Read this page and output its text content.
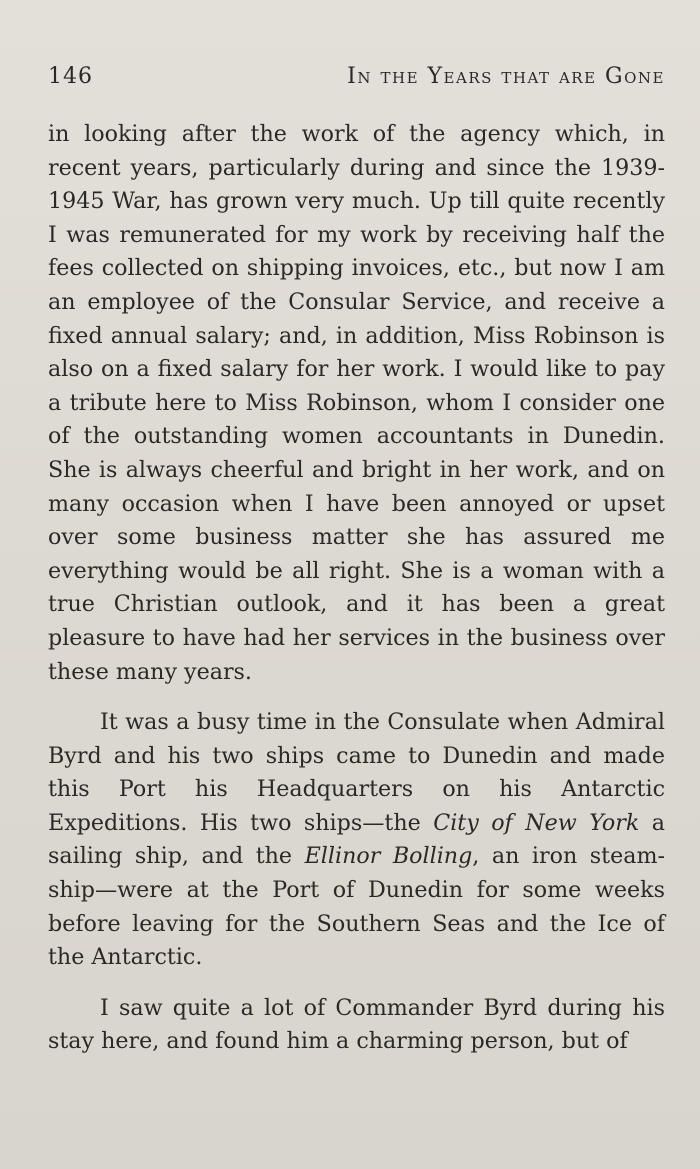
146	In the Years that are Gone

in looking after the work of the agency which, in recent years, particularly during and since the 1939-1945 War, has grown very much. Up till quite recently I was remunerated for my work by receiving half the fees collected on shipping invoices, etc., but now I am an employee of the Consular Service, and receive a fixed annual salary; and, in addition, Miss Robinson is also on a fixed salary for her work. I would like to pay a tribute here to Miss Robinson, whom I consider one of the outstanding women accountants in Dunedin. She is always cheerful and bright in her work, and on many occasion when I have been annoyed or upset over some business matter she has assured me everything would be all right. She is a woman with a true Christian outlook, and it has been a great pleasure to have had her services in the business over these many years.

It was a busy time in the Consulate when Admiral Byrd and his two ships came to Dunedin and made this Port his Headquarters on his Antarctic Expeditions. His two ships—the City of New York a sailing ship, and the Ellinor Bolling, an iron steam-ship—were at the Port of Dunedin for some weeks before leaving for the Southern Seas and the Ice of the Antarctic.

I saw quite a lot of Commander Byrd during his stay here, and found him a charming person, but of
